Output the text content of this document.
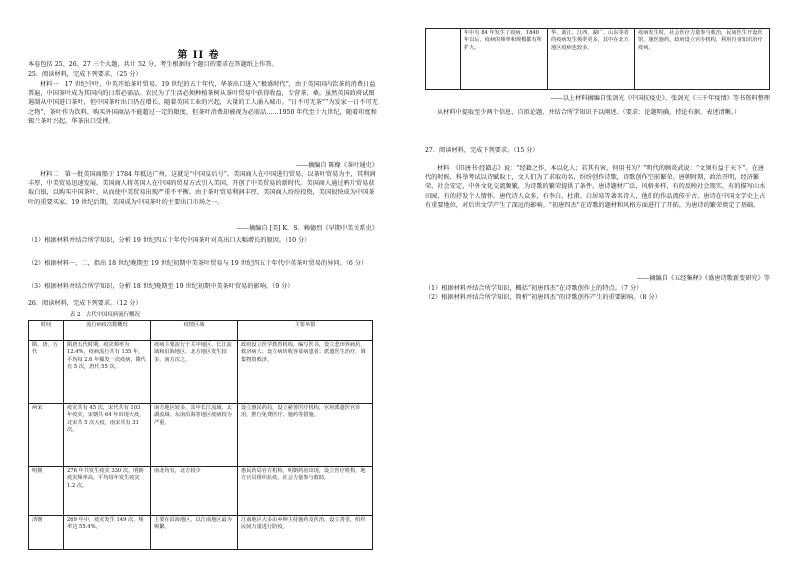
第 II 卷

本卷包括 25、26、27 三个大题，共计 52 分，考生根据每个题目的要求在答题纸上作答。

25．阅读材料，完成下列要求。（25 分）

材料一　17 世纪中叶，中英开始茶叶贸易，19 世纪的五十年代，华茶出口进入“极盛时代”，由于英国国内饮茶的消费日益普遍，中国茶叶成为其国内的日常必需品。农民为了生活必须种植茶树从茶叶贸易中获得收益，专营茶、桑。虽然英国政府试图遏制从中国进口茶叶，但中国茶叶出口仍在增长。随着英国工业的兴起，大量的工人涌入城市。“日不可无茶”“为发家一日不可无之物”，茶叶作为饮料，购买外国商品不能超过一定的限度，但茶叶消费却被视为必需品……1950 年代至十九世纪，随着印度和锡兰茶叶兴起，华茶出口受挫。

——摘编自 陈椽《茶叶通史》

材料二　第一批美国商船于 1784 年抵达广州，这就是“中国皇后号”。美国商人在中国进行贸易，以茶叶贸易为主，其利润丰厚，中美贸易迅速发展。美国商人将英国人在中国的贸易方式引入美国，开创了中美贸易的新时代。美国商人通过鸦片贸易获取白银，以购买中国茶叶，从而使中美贸易出现严重不平衡。由于茶叶贸易利润丰厚，美国商人纷纷投资，美国很快成为中国茶叶的重要买家。19 世纪后期，美国成为中国茶叶的主要出口市场之一。

——摘编自 [美] K．S．赖德烈《早期中美关系史》

（1）根据材料并结合所学知识，分析 19 世纪四五十年代中国茶叶对英出口大幅增长的原因。（10 分）

（2）根据材料一、二，指出 18 世纪晚期至 19 世纪初期中美茶叶贸易与 19 世纪四五十年代中英茶叶贸易的异同。（6 分）

（3）根据材料并结合所学知识，分析 18 世纪晚期至 19 世纪初期中美茶叶贸易的影响。（9 分）

26．阅读材料，完成下列要求。（12 分）

表 2　古代中国疫病流行概况

时间	流行病疫次数概况	疫情区域	主要举措
隋、唐、五代	隋唐五代时期，疫灾频率为 12.4%，疫病流行共有 135 年，平均每 2.6 年爆发一次疫病，隋代有 5 次，唐代 55 次。	疫病主要流行于关中地区、长江流域和沿海地区，北方地区发生较多，南方次之。	政府设立医学教育机构，编写医书，设立悲田养病坊，救济病人；设立病坊收容贫病患者；派遣医生治疗，调集物资救济。
两宋	疫灾共有 45 次，宋代共有 103 年疫灾，宋朝共 64 年出现大疫，北宋共 5 次大疫，南宋共有 31 次。	南方地区较多，其中长江流域、太湖流域、东南沿海等地区疫病较为严重。	设立惠民药局，设立慈善医疗机构，官府派遣医官诊治，推行免费医疗、施药等措施。
明朝	276 年共发生疫灾 330 次，明朝疫灾频率高，平均每年发生疫灾 1.2 次。	南北均有，北方较少	惠民药局官方机构，明朝药房出现，设立医疗机构，地方官员组织抗疫，社会力量参与救助。
清朝	269 年中，疫灾发生 149 次，频率达 55.4%。	主要在沿海地区，以江南地区最为频繁。	江南地区大多由乡绅主持施药及医治，设立善堂，组织民间力量进行防疫。
	年中有 84 年发生了疫病，1840 年以后，疫病的频率和规模都有所扩大。	华、浙江、江西、湖广、山东等省的疫病发生频率更多，其中在北方地区疫病也较多。	疫病发生时，社会医疗力量参与救治，民间医生开设医馆，施医施药，政府设立官办机构，利用自身知识治疗疫病。

——以上材料摘编自张剑光《中国抗疫史》、张剑光《三千年疫情》等书资料整理

从材料中提取至少两个信息，自拟论题，并结合所学知识予以阐述。（要求：论题明确，持论有据，表述清晰。）

27．阅读材料，完成下列要求。（15 分）

材料　《旧唐书·经籍志》说：“经籍之作，本以化人；若其有害，何用书为？”明代的顾炎武说：“文须有益于天下”。在唐代的时候，科举考试以诗赋取士，文人们为了求取功名，纷纷创作诗歌，诗歌创作空前繁荣。唐朝时期，政治开明，经济繁荣，社会安定，中外文化交流频繁，为诗歌的繁荣提供了条件。唐诗题材广泛，风格多样，有的反映社会现实，有的描写山水田园，有的抒发个人情怀。唐代诗人众多，有李白、杜甫、白居易等著名诗人，他们的作品流传千古。唐诗在中国文学史上占有重要地位，对后世文学产生了深远的影响。“初唐四杰”在诗歌的题材和风格方面进行了开拓，为唐诗的繁荣奠定了基础。

——摘编自《五经集释》《盛唐诗歌新变研究》等

（1）根据材料并结合所学知识，概括“初唐四杰”在诗歌创作上的特点。（7 分）

（2）根据材料并结合所学知识，简析“初唐四杰”的诗歌创作产生的重要影响。（8 分）
